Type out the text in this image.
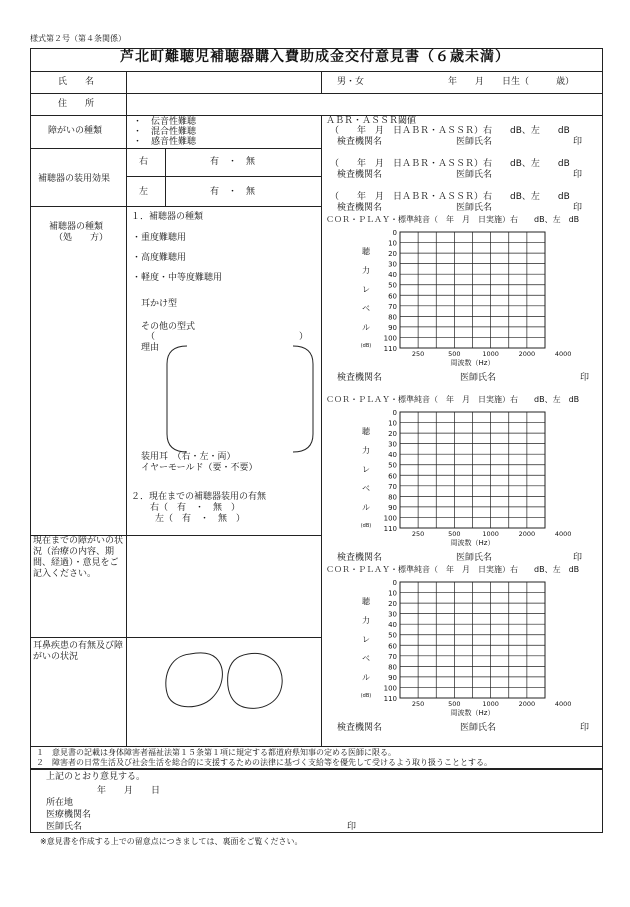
様式第２号（第４条関係）
芦北町難聴児補聴器購入費助成金交付意見書（６歳未満）
氏　　名	男・女	年　　月　　日生（　　　歳）
住　　所
障がいの種類
・　伝音性難聴
・　混合性難聴
・　感音性難聴
補聴器の装用効果
右	有　・　無
左	有　・　無
補聴器の種類
（処　　方）
１．補聴器の種類
・重度難聴用
・高度難聴用
・軽度・中等度難聴用
耳かけ型
その他の型式
（　　　　　　　　　　　　　　　　）
理由
装用耳　（右・左・両）
イヤーモールド（要・不要）
２．現在までの補聴器装用の有無
右（　有　・　無　）
左（　有　・　無　）
現在までの障がいの状況（治療の内容、期間、経過）・意見をご記入ください。
耳鼻疾患の有無及び障がいの状況
ＡＢＲ・ＡＳＳＲ閾値
（　　年　月　日ＡＢＲ・ＡＳＳＲ）右　　dB、左　　dB
検査機関名	医師氏名	印
（　　年　月　日ＡＢＲ・ＡＳＳＲ）右　　dB、左　　dB
検査機関名	医師氏名	印
（　　年　月　日ＡＢＲ・ＡＳＳＲ）右　　dB、左　　dB
検査機関名	医師氏名	印
ＣＯＲ・ＰＬＡＹ・標準純音（　年　月　日実施）右　　dB、左　dB
0
10
20
30
40
50
60
70
80
90
100
110
250	500	1000	2000	4000
周波数（Hz）
聴
力
レ
ベ
ル
(dB)
検査機関名	医師氏名	印
ＣＯＲ・ＰＬＡＹ・標準純音（　年　月　日実施）右　　dB、左　dB
0
10
20
30
40
50
60
70
80
90
100
110
250	500	1000	2000	4000
周波数（Hz）
聴
力
レ
ベ
ル
(dB)
検査機関名	医師氏名	印
ＣＯＲ・ＰＬＡＹ・標準純音（　年　月　日実施）右　　dB、左　dB
0
10
20
30
40
50
60
70
80
90
100
110
250	500	1000	2000	4000
周波数（Hz）
聴
力
レ
ベ
ル
(dB)
検査機関名	医師氏名	印
１　意見書の記載は身体障害者福祉法第１５条第１項に規定する都道府県知事の定める医師に限る。
２　障害者の日常生活及び社会生活を総合的に支援するための法律に基づく支給等を優先して受けるよう取り扱うこととする。
上記のとおり意見する。
年　　月　　日
所在地
医療機関名
医師氏名	印
※意見書を作成する上での留意点につきましては、裏面をご覧ください。
